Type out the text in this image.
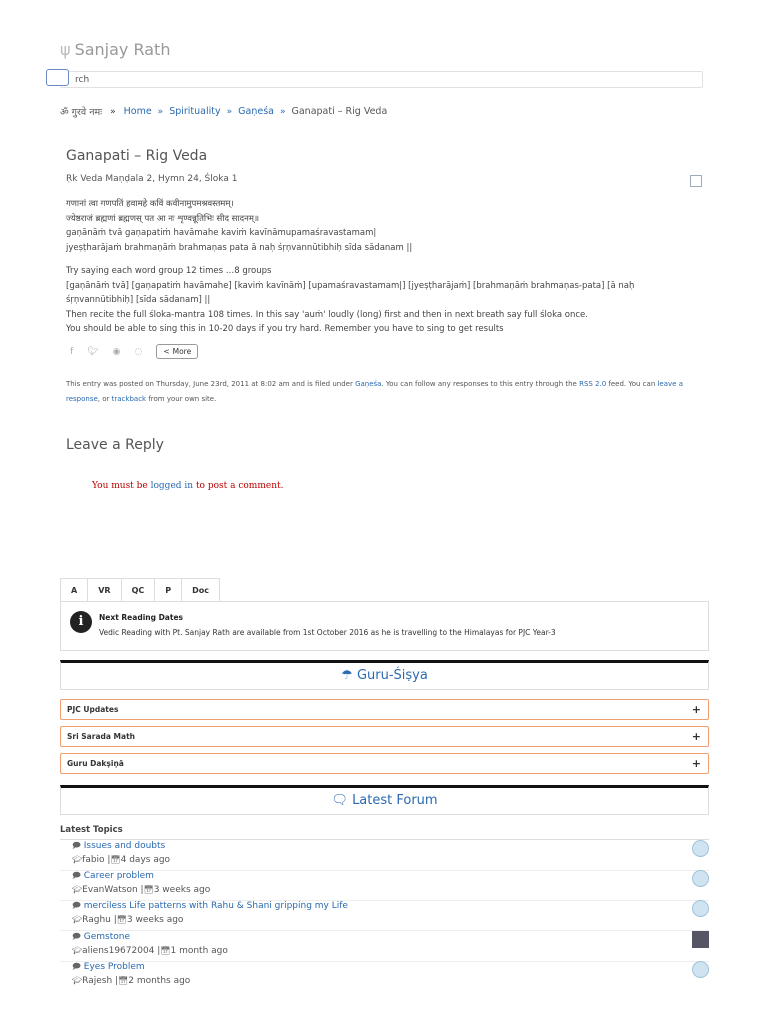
ψ Sanjay Rath
rch
ॐ गुरवे नमः » Home » Spirituality » Gaṇeśa » Ganapati – Rig Veda
Ganapati – Rig Veda
Ṛk Veda Maṇḍala 2, Hymn 24, Śloka 1
गणानां त्वा गणपतिं हवामहे कविं कवीनामुपमश्रवस्तमम्।
ज्येष्ठराजं ब्रह्मणां ब्रह्मणस् पत आ नः शृण्वन्नूतिभिः सीद सादनम्॥
gaṇānāṁ tvā gaṇapatiṁ havāmahe kaviṁ kavīnāmupamaśravastamam|
jyeṣṭharājaṁ brahmaṇāṁ brahmaṇas pata ā naḥ śṛṇvannūtibhiḥ sīda sādanam ||
Try saying each word group 12 times …8 groups
[gaṇānāṁ tvā] [gaṇapatiṁ havāmahe] [kaviṁ kavīnāṁ] [upamaśravastamam|] [jyeṣṭharājaṁ] [brahmaṇāṁ brahmaṇas-pata] [ā naḥ
śṛṇvannūtibhiḥ] [sīda sādanam] ||
Then recite the full śloka-mantra 108 times. In this say 'auṁ' loudly (long) first and then in next breath say full śloka once.
You should be able to sing this in 10-20 days if you try hard. Remember you have to sing to get results
f 🐦︎ ◉ ◌	< More
This entry was posted on Thursday, June 23rd, 2011 at 8:02 am and is filed under Gaṇeśa. You can follow any responses to this entry through the RSS 2.0 feed. You can leave a response, or trackback from your own site.
Leave a Reply
You must be logged in to post a comment.
A	VR	QC	P	Doc
i	Next Reading Dates
Vedic Reading with Pt. Sanjay Rath are available from 1st October 2016 as he is travelling to the Himalayas for PJC Year-3
☂ Guru-Śiṣya
PJC Updates	+
Sri Sarada Math	+
Guru Dakṣiṇā	+
🗨︎ Latest Forum
Latest Topics
🗩︎ Issues and doubts
🎓︎fabio |📅︎4 days ago
🗩︎ Career problem
🎓︎EvanWatson |📅︎3 weeks ago
🗩︎ merciless Life patterns with Rahu & Shani gripping my Life
🎓︎Raghu |📅︎3 weeks ago
🗩︎ Gemstone
🎓︎aliens19672004 |📅︎1 month ago
🗩︎ Eyes Problem
🎓︎Rajesh |📅︎2 months ago
